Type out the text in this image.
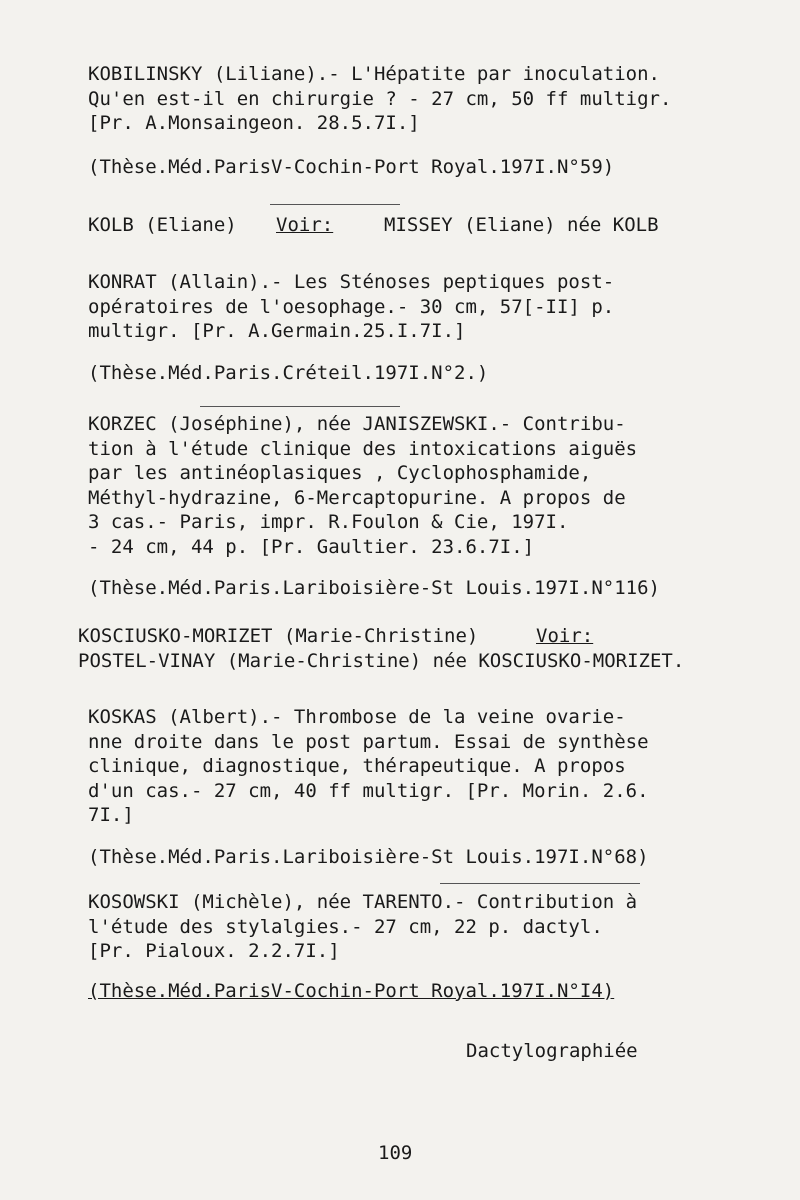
KOBILINSKY (Liliane).- L'Hépatite par inoculation.
Qu'en est-il en chirurgie ? - 27 cm, 50 ff multigr.
[Pr. A.Monsaingeon. 28.5.7I.]
(Thèse.Méd.ParisV-Cochin-Port Royal.197I.N°59)
KOLB (Eliane) Voir:	MISSEY (Eliane) née KOLB
KONRAT (Allain).- Les Sténoses peptiques post-
opératoires de l'oesophage.- 30 cm, 57[-II] p.
multigr. [Pr. A.Germain.25.I.7I.]
(Thèse.Méd.Paris.Créteil.197I.N°2.)
KORZEC (Joséphine), née JANISZEWSKI.- Contribu-
tion à l'étude clinique des intoxications aiguës
par les antinéoplasiques , Cyclophosphamide,
Méthyl-hydrazine, 6-Mercaptopurine. A propos de
3 cas.- Paris, impr. R.Foulon & Cie, 197I.
- 24 cm, 44 p. [Pr. Gaultier. 23.6.7I.]
(Thèse.Méd.Paris.Lariboisière-St Louis.197I.N°116)
KOSCIUSKO-MORIZET (Marie-Christine)	Voir:
POSTEL-VINAY (Marie-Christine) née KOSCIUSKO-MORIZET.
KOSKAS (Albert).- Thrombose de la veine ovarie-
nne droite dans le post partum. Essai de synthèse
clinique, diagnostique, thérapeutique. A propos
d'un cas.- 27 cm, 40 ff multigr. [Pr. Morin. 2.6.
7I.]
(Thèse.Méd.Paris.Lariboisière-St Louis.197I.N°68)
KOSOWSKI (Michèle), née TARENTO.- Contribution à
l'étude des stylalgies.- 27 cm, 22 p. dactyl.
[Pr. Pialoux. 2.2.7I.]
(Thèse.Méd.ParisV-Cochin-Port Royal.197I.N°I4)
Dactylographiée
109
